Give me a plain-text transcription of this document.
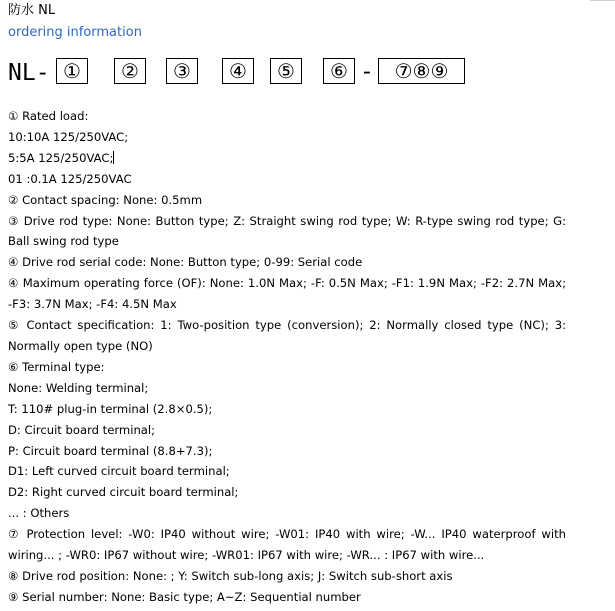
防水 NL
ordering information
NL- ①	②	③	④	⑤	⑥ -	⑦⑧⑨
① Rated load:
10:10A 125/250VAC;
5:5A 125/250VAC;
01 :0.1A 125/250VAC
② Contact spacing: None: 0.5mm
③ Drive rod type: None: Button type; Z: Straight swing rod type; W: R-type swing rod type; G: Ball swing rod type
④ Drive rod serial code: None: Button type; 0-99: Serial code
④ Maximum operating force (OF): None: 1.0N Max; -F: 0.5N Max; -F1: 1.9N Max; -F2: 2.7N Max; -F3: 3.7N Max; -F4: 4.5N Max
⑤ Contact specification: 1: Two-position type (conversion); 2: Normally closed type (NC); 3: Normally open type (NO)
⑥ Terminal type:
None: Welding terminal;
T: 110# plug-in terminal (2.8×0.5);
D: Circuit board terminal;
P: Circuit board terminal (8.8+7.3);
D1: Left curved circuit board terminal;
D2: Right curved circuit board terminal;
... : Others
⑦ Protection level: -W0: IP40 without wire; -W01: IP40 with wire; -W... IP40 waterproof with wiring... ; -WR0: IP67 without wire; -WR01: IP67 with wire; -WR... : IP67 with wire...
⑧ Drive rod position: None: ; Y: Switch sub-long axis; J: Switch sub-short axis
⑨ Serial number: None: Basic type; A~Z: Sequential number
